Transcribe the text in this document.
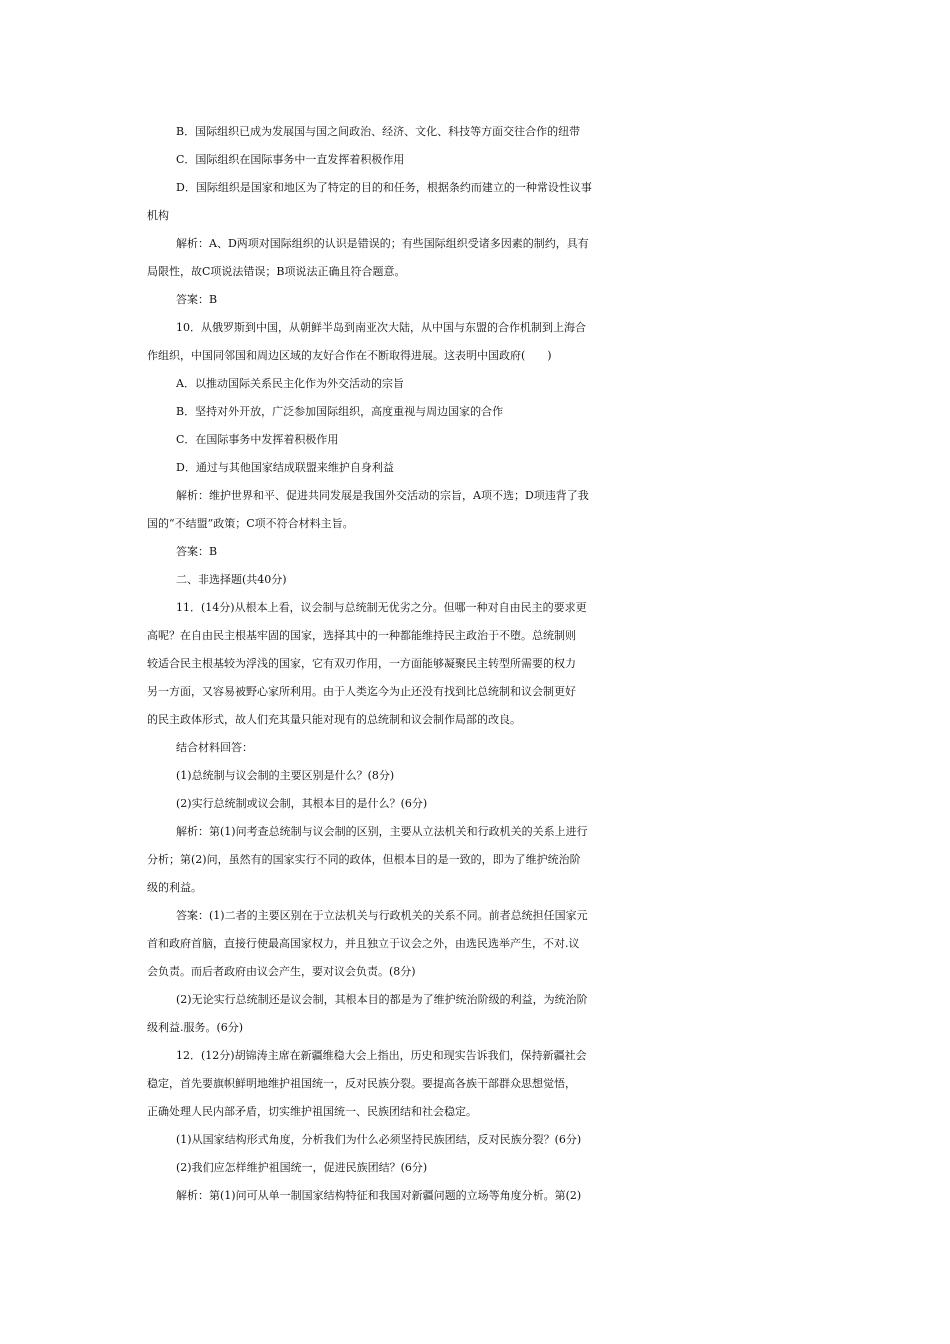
B．国际组织已成为发展国与国之间政治、经济、文化、科技等方面交往合作的纽带
C．国际组织在国际事务中一直发挥着积极作用
D．国际组织是国家和地区为了特定的目的和任务，根据条约而建立的一种常设性议事
机构
解析：A、D两项对国际组织的认识是错误的；有些国际组织受诸多因素的制约，具有
局限性，故C项说法错误；B项说法正确且符合题意。
答案：B
10．从俄罗斯到中国，从朝鲜半岛到南亚次大陆，从中国与东盟的合作机制到上海合
作组织，中国同邻国和周边区域的友好合作在不断取得进展。这表明中国政府(　　)
A．以推动国际关系民主化作为外交活动的宗旨
B．坚持对外开放，广泛参加国际组织，高度重视与周边国家的合作
C．在国际事务中发挥着积极作用
D．通过与其他国家结成联盟来维护自身利益
解析：维护世界和平、促进共同发展是我国外交活动的宗旨，A项不选；D项违背了我
国的“不结盟”政策；C项不符合材料主旨。
答案：B
二、非选择题(共40分)
11．(14分)从根本上看，议会制与总统制无优劣之分。但哪一种对自由民主的要求更
高呢？在自由民主根基牢固的国家，选择其中的一种都能维持民主政治于不堕。总统制则
较适合民主根基较为浮浅的国家，它有双刃作用，一方面能够凝聚民主转型所需要的权力
另一方面，又容易被野心家所利用。由于人类迄今为止还没有找到比总统制和议会制更好
的民主政体形式，故人们充其量只能对现有的总统制和议会制作局部的改良。
结合材料回答：
(1)总统制与议会制的主要区别是什么？(8分)
(2)实行总统制或议会制，其根本目的是什么？(6分)
解析：第(1)问考查总统制与议会制的区别，主要从立法机关和行政机关的关系上进行
分析；第(2)问，虽然有的国家实行不同的政体，但根本目的是一致的，即为了维护统治阶
级的利益。
答案：(1)二者的主要区别在于立法机关与行政机关的关系不同。前者总统担任国家元
首和政府首脑，直接行使最高国家权力，并且独立于议会之外，由选民选举产生，不对.议
会负责。而后者政府由议会产生，要对议会负责。(8分)
(2)无论实行总统制还是议会制，其根本目的都是为了维护统治阶级的利益，为统治阶
级利益.服务。(6分)
12．(12分)胡锦涛主席在新疆维稳大会上指出，历史和现实告诉我们，保持新疆社会
稳定，首先要旗帜鲜明地维护祖国统一，反对民族分裂。要提高各族干部群众思想觉悟，
正确处理人民内部矛盾，切实维护祖国统一、民族团结和社会稳定。
(1)从国家结构形式角度，分析我们为什么必须坚持民族团结，反对民族分裂？(6分)
(2)我们应怎样维护祖国统一，促进民族团结？(6分)
解析：第(1)问可从单一制国家结构特征和我国对新疆问题的立场等角度分析。第(2)
